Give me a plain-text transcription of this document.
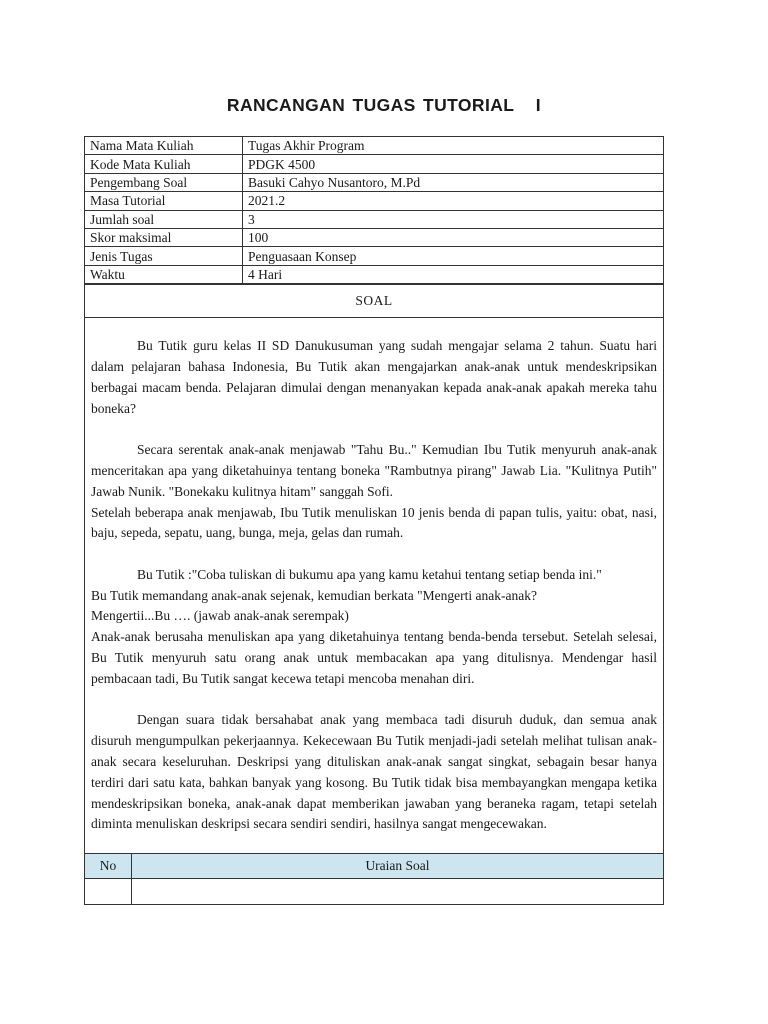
RANCANGAN TUGAS TUTORIAL   I
Nama Mata Kuliah	Tugas Akhir Program
Kode Mata Kuliah	PDGK 4500
Pengembang Soal	Basuki Cahyo Nusantoro, M.Pd
Masa Tutorial	2021.2
Jumlah soal	3
Skor maksimal	100
Jenis Tugas	Penguasaan Konsep
Waktu	4 Hari
SOAL

Bu Tutik guru kelas II SD Danukusuman yang sudah mengajar selama 2 tahun. Suatu hari dalam pelajaran bahasa Indonesia, Bu Tutik akan mengajarkan anak-anak untuk mendeskripsikan berbagai macam benda. Pelajaran dimulai dengan menanyakan kepada anak-anak apakah mereka tahu boneka?

Secara serentak anak-anak menjawab "Tahu Bu.." Kemudian Ibu Tutik menyuruh anak-anak menceritakan apa yang diketahuinya tentang boneka "Rambutnya pirang" Jawab Lia. "Kulitnya Putih" Jawab Nunik. "Bonekaku kulitnya hitam" sanggah Sofi.

Setelah beberapa anak menjawab, Ibu Tutik menuliskan 10 jenis benda di papan tulis, yaitu: obat, nasi, baju, sepeda, sepatu, uang, bunga, meja, gelas dan rumah.

Bu Tutik :"Coba tuliskan di bukumu apa yang kamu ketahui tentang setiap benda ini."

Bu Tutik memandang anak-anak sejenak, kemudian berkata "Mengerti anak-anak?

Mengertii...Bu …. (jawab anak-anak serempak)

Anak-anak berusaha menuliskan apa yang diketahuinya tentang benda-benda tersebut. Setelah selesai, Bu Tutik menyuruh satu orang anak untuk membacakan apa yang ditulisnya. Mendengar hasil pembacaan tadi, Bu Tutik sangat kecewa tetapi mencoba menahan diri.

Dengan suara tidak bersahabat anak yang membaca tadi disuruh duduk, dan semua anak disuruh mengumpulkan pekerjaannya. Kekecewaan Bu Tutik menjadi-jadi setelah melihat tulisan anak-anak secara keseluruhan. Deskripsi yang dituliskan anak-anak sangat singkat, sebagain besar hanya terdiri dari satu kata, bahkan banyak yang kosong. Bu Tutik tidak bisa membayangkan mengapa ketika mendeskripsikan boneka, anak-anak dapat memberikan jawaban yang beraneka ragam, tetapi setelah diminta menuliskan deskripsi secara sendiri sendiri, hasilnya sangat mengecewakan.

No	Uraian Soal
